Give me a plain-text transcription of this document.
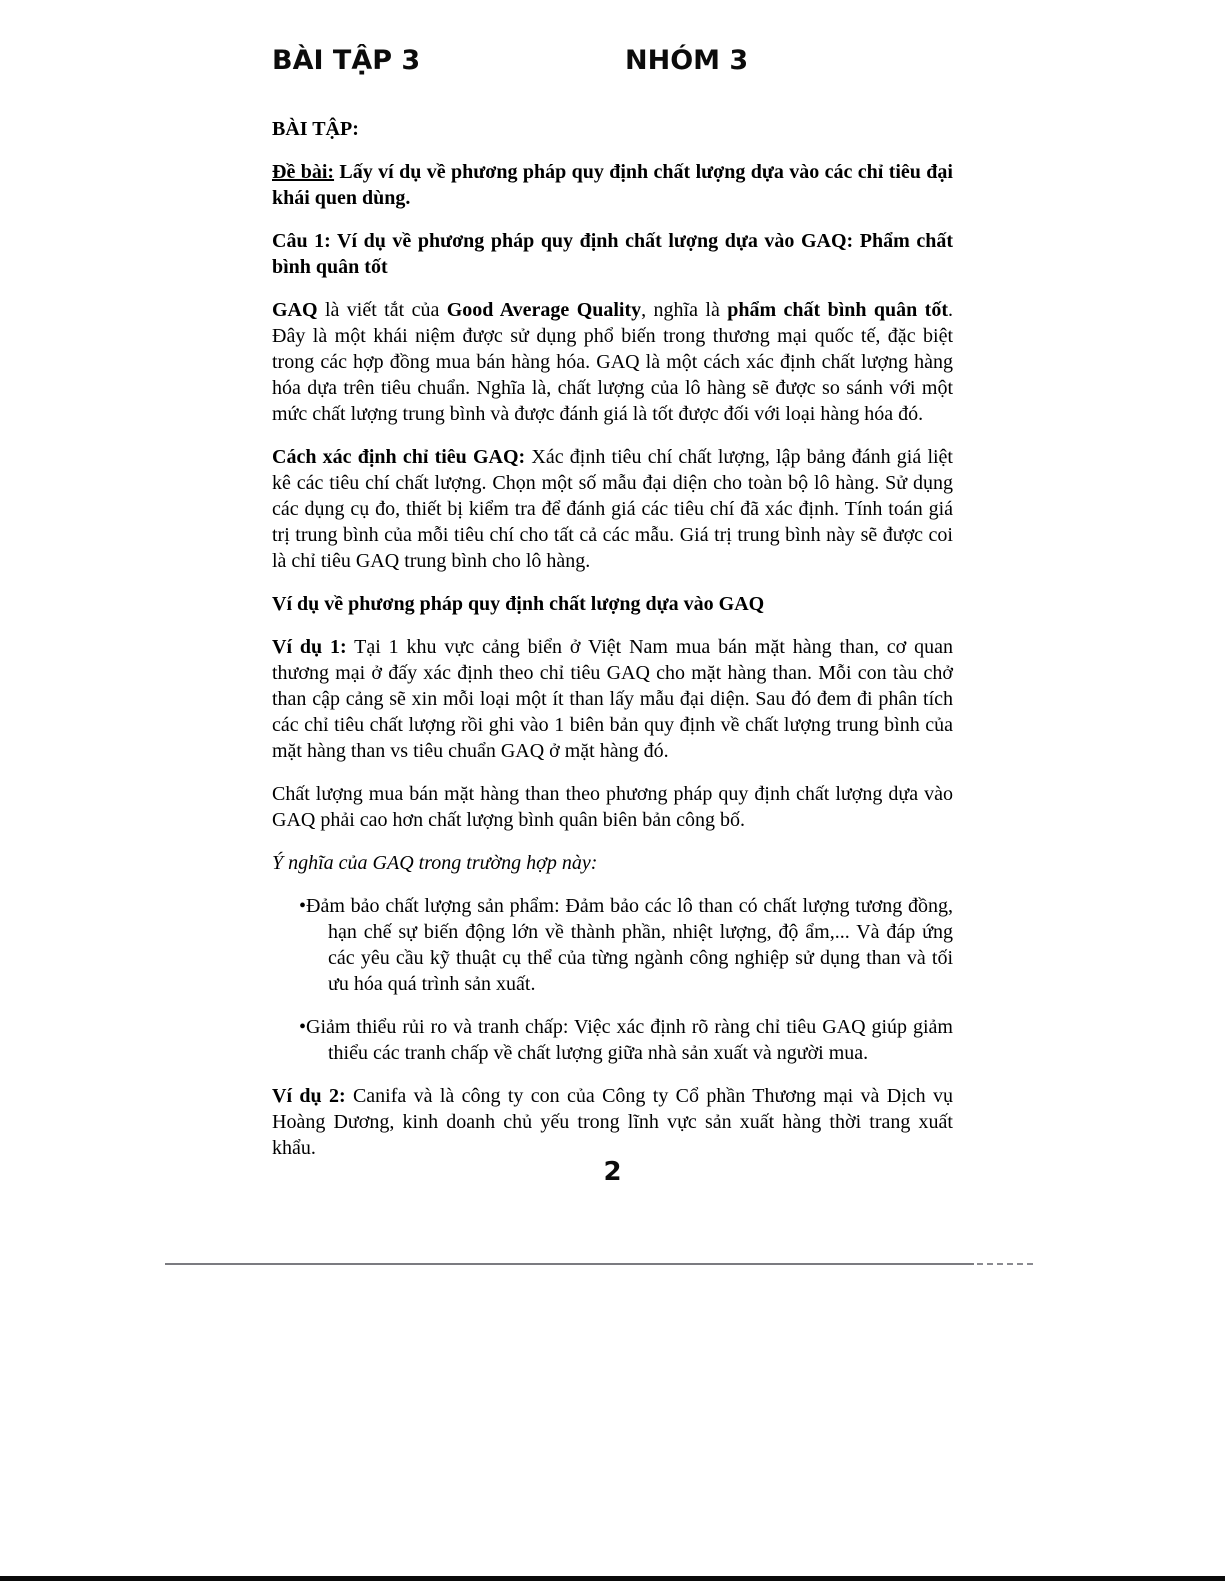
BÀI TẬP 3	NHÓM 3
BÀI TẬP:
Đề bài: Lấy ví dụ về phương pháp quy định chất lượng dựa vào các chỉ tiêu đại khái quen dùng.
Câu 1: Ví dụ về phương pháp quy định chất lượng dựa vào GAQ: Phẩm chất bình quân tốt
GAQ là viết tắt của Good Average Quality, nghĩa là phẩm chất bình quân tốt. Đây là một khái niệm được sử dụng phổ biến trong thương mại quốc tế, đặc biệt trong các hợp đồng mua bán hàng hóa. GAQ là một cách xác định chất lượng hàng hóa dựa trên tiêu chuẩn. Nghĩa là, chất lượng của lô hàng sẽ được so sánh với một mức chất lượng trung bình và được đánh giá là tốt được đối với loại hàng hóa đó.
Cách xác định chỉ tiêu GAQ: Xác định tiêu chí chất lượng, lập bảng đánh giá liệt kê các tiêu chí chất lượng. Chọn một số mẫu đại diện cho toàn bộ lô hàng. Sử dụng các dụng cụ đo, thiết bị kiểm tra để đánh giá các tiêu chí đã xác định. Tính toán giá trị trung bình của mỗi tiêu chí cho tất cả các mẫu. Giá trị trung bình này sẽ được coi là chỉ tiêu GAQ trung bình cho lô hàng.
Ví dụ về phương pháp quy định chất lượng dựa vào GAQ
Ví dụ 1: Tại 1 khu vực cảng biển ở Việt Nam mua bán mặt hàng than, cơ quan thương mại ở đấy xác định theo chỉ tiêu GAQ cho mặt hàng than. Mỗi con tàu chở than cập cảng sẽ xin mỗi loại một ít than lấy mẫu đại diện. Sau đó đem đi phân tích các chỉ tiêu chất lượng rồi ghi vào 1 biên bản quy định về chất lượng trung bình của mặt hàng than vs tiêu chuẩn GAQ ở mặt hàng đó.
Chất lượng mua bán mặt hàng than theo phương pháp quy định chất lượng dựa vào GAQ phải cao hơn chất lượng bình quân biên bản công bố.
Ý nghĩa của GAQ trong trường hợp này:
•Đảm bảo chất lượng sản phẩm: Đảm bảo các lô than có chất lượng tương đồng, hạn chế sự biến động lớn về thành phần, nhiệt lượng, độ ẩm,... Và đáp ứng các yêu cầu kỹ thuật cụ thể của từng ngành công nghiệp sử dụng than và tối ưu hóa quá trình sản xuất.
•Giảm thiểu rủi ro và tranh chấp: Việc xác định rõ ràng chỉ tiêu GAQ giúp giảm thiểu các tranh chấp về chất lượng giữa nhà sản xuất và người mua.
Ví dụ 2: Canifa và là công ty con của Công ty Cổ phần Thương mại và Dịch vụ Hoàng Dương, kinh doanh chủ yếu trong lĩnh vực sản xuất hàng thời trang xuất khẩu.
2
